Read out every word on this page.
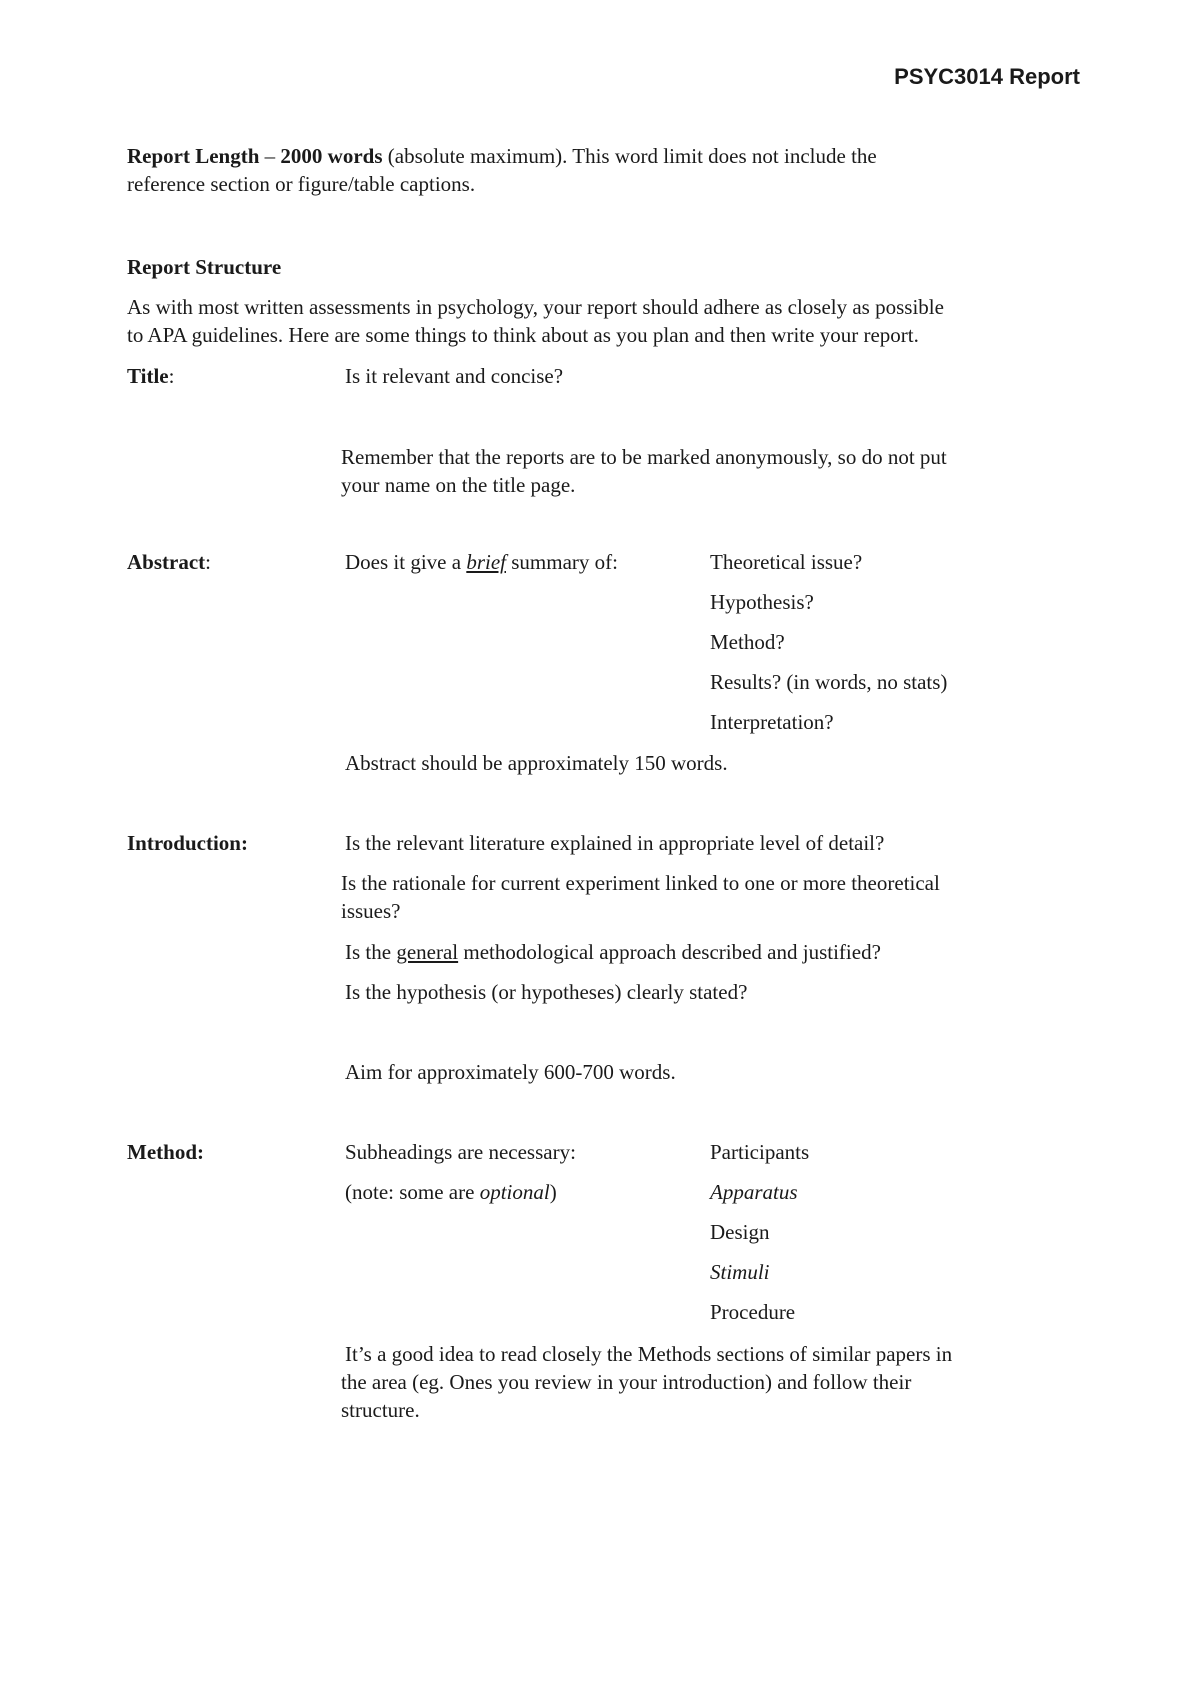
PSYC3014 Report
Report Length – 2000 words (absolute maximum). This word limit does not include the
reference section or figure/table captions.
Report Structure
As with most written assessments in psychology, your report should adhere as closely as possible
to APA guidelines. Here are some things to think about as you plan and then write your report.
Title:	Is it relevant and concise?
Remember that the reports are to be marked anonymously, so do not put
your name on the title page.
Abstract:	Does it give a brief summary of:	Theoretical issue?
Hypothesis?
Method?
Results? (in words, no stats)
Interpretation?
Abstract should be approximately 150 words.
Introduction:	Is the relevant literature explained in appropriate level of detail?
Is the rationale for current experiment linked to one or more theoretical
issues?
Is the general methodological approach described and justified?
Is the hypothesis (or hypotheses) clearly stated?
Aim for approximately 600-700 words.
Method:	Subheadings are necessary:
(note: some are optional)
Participants
Apparatus
Design
Stimuli
Procedure
It’s a good idea to read closely the Methods sections of similar papers in
the area (eg. Ones you review in your introduction) and follow their
structure.
